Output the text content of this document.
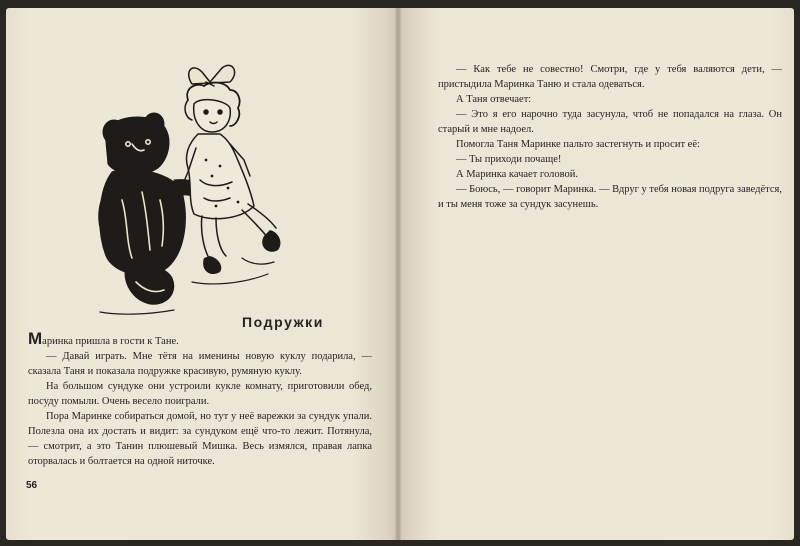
Подружки

Маринка пришла в гости к Тане.

— Давай играть. Мне тётя на именины новую куклу подарила, — сказала Таня и показала подружке красивую, румяную куклу.

На большом сундуке они устроили кукле комнату, приготовили обед, посуду помыли. Очень весело поиграли.

Пора Маринке собираться домой, но тут у неё варежки за сундук упали. Полезла она их достать и видит: за сундуком ещё что-то лежит. Потянула, — смотрит, а это Танин плюшевый Мишка. Весь измялся, правая лапка оторвалась и болтается на одной ниточке.

56

— Как тебе не совестно! Смотри, где у тебя валяются дети, — пристыдила Маринка Таню и стала одеваться.

А Таня отвечает:

— Это я его нарочно туда засунула, чтоб не попадался на глаза. Он старый и мне надоел.

Помогла Таня Маринке пальто застегнуть и просит её:

— Ты приходи почаще!

А Маринка качает головой.

— Боюсь, — говорит Маринка. — Вдруг у тебя новая подруга заведётся, и ты меня тоже за сундук засунешь.
